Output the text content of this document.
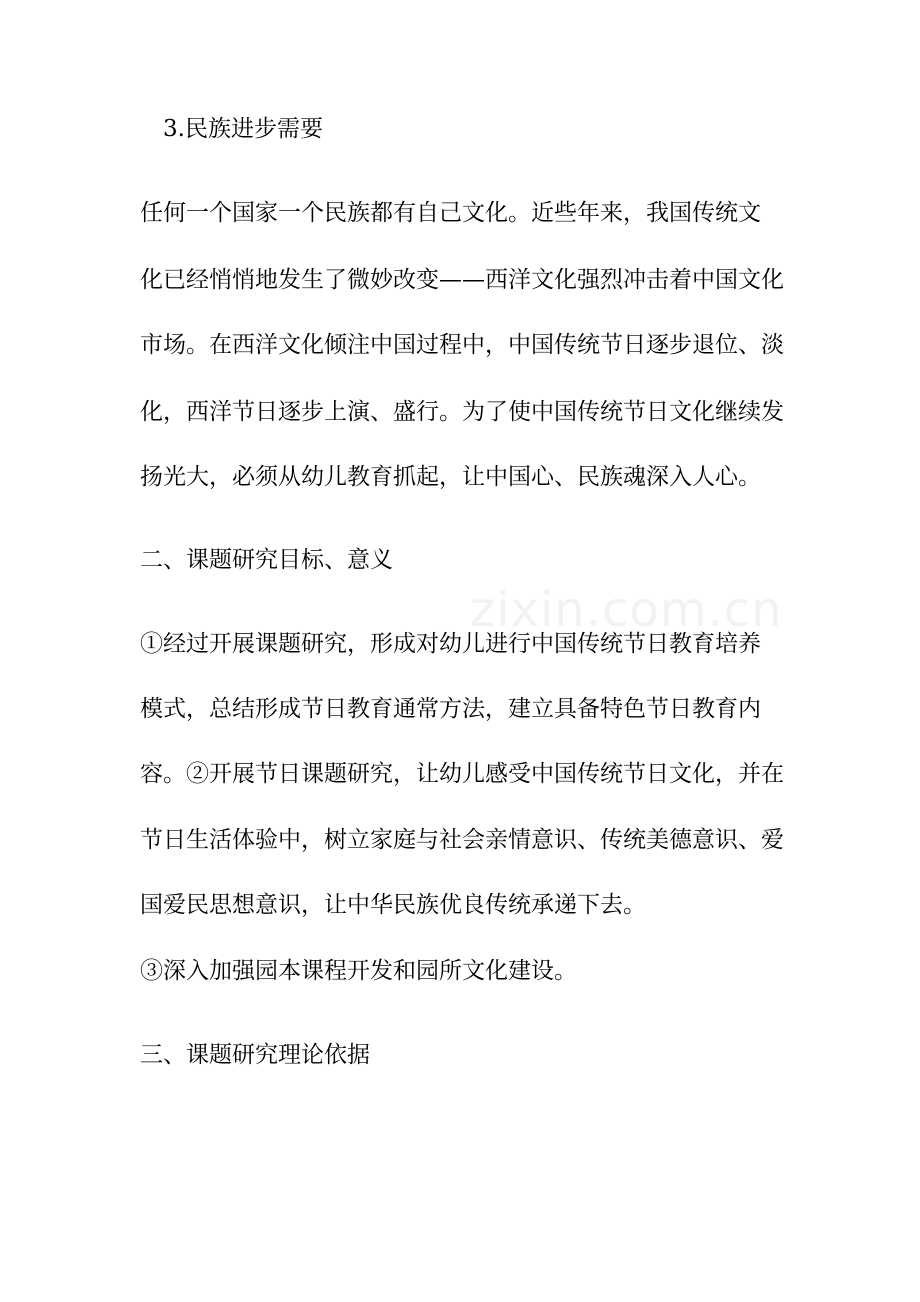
zixin.com.cn
3.民族进步需要
任何一个国家一个民族都有自己文化。近些年来，我国传统文
化已经悄悄地发生了微妙改变——西洋文化强烈冲击着中国文化
市场。在西洋文化倾注中国过程中，中国传统节日逐步退位、淡
化，西洋节日逐步上演、盛行。为了使中国传统节日文化继续发
扬光大，必须从幼儿教育抓起，让中国心、民族魂深入人心。
二、课题研究目标、意义
①经过开展课题研究，形成对幼儿进行中国传统节日教育培养
模式，总结形成节日教育通常方法，建立具备特色节日教育内
容。②开展节日课题研究，让幼儿感受中国传统节日文化，并在
节日生活体验中，树立家庭与社会亲情意识、传统美德意识、爱
国爱民思想意识，让中华民族优良传统承递下去。
③深入加强园本课程开发和园所文化建设。
三、课题研究理论依据
